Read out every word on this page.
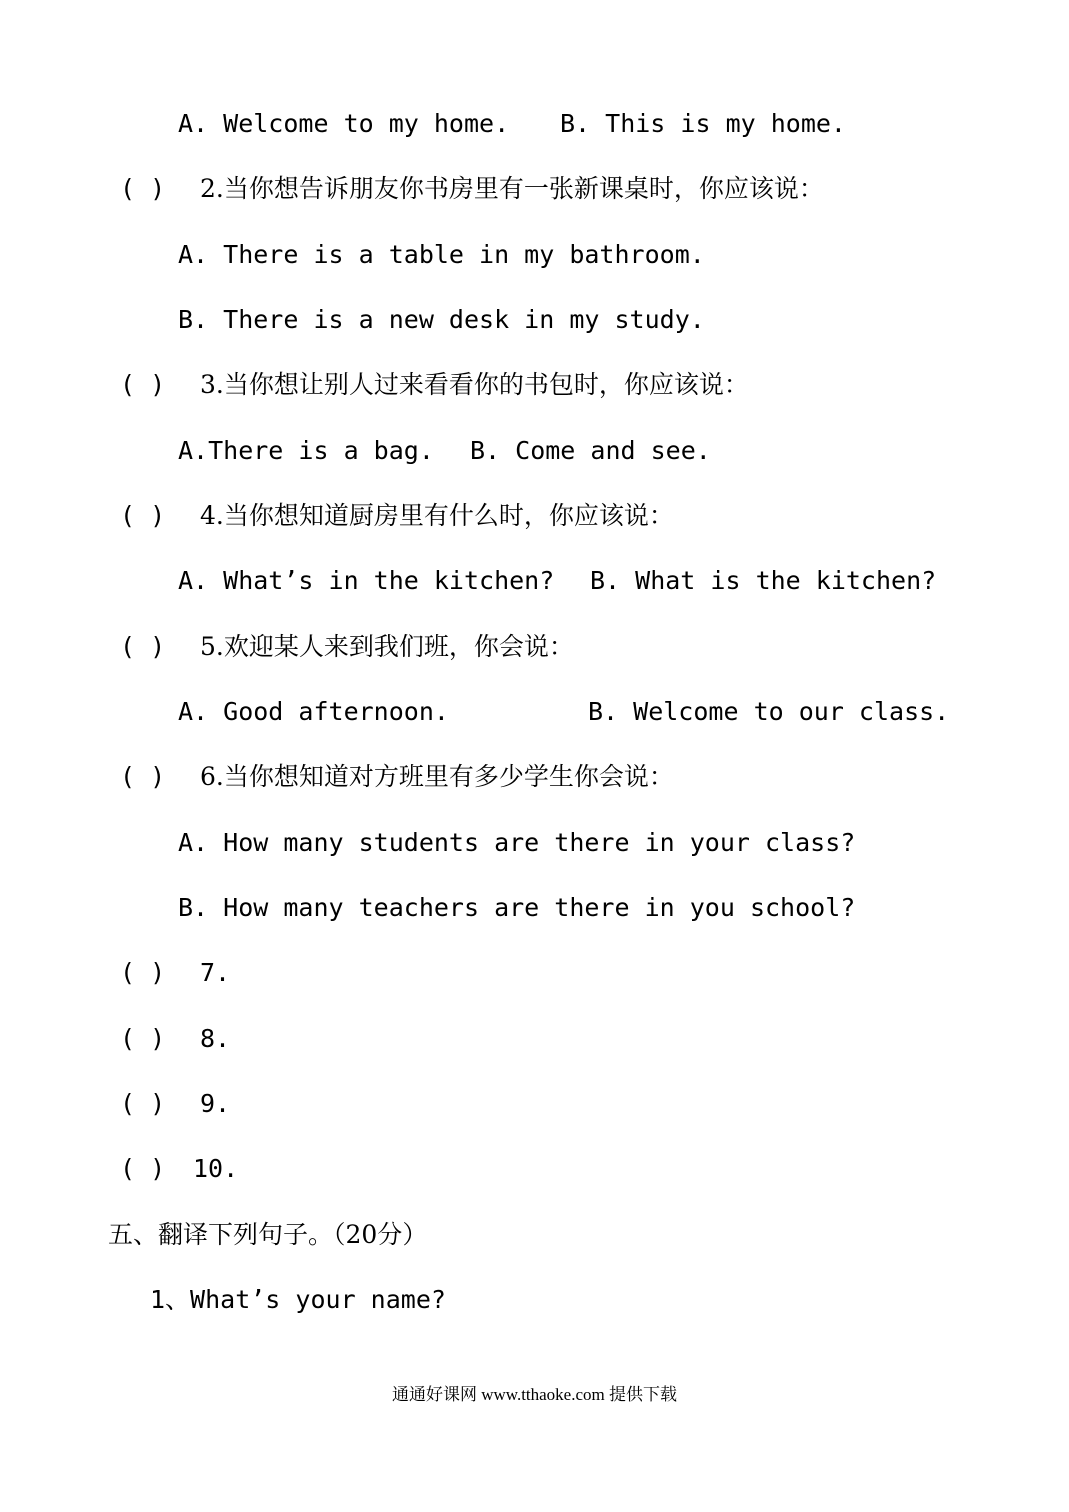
A. Welcome to my home. B. This is my home.
( ) 2.当你想告诉朋友你书房里有一张新课桌时，你应该说：
A. There is a table in my bathroom.
B. There is a new desk in my study.
( ) 3.当你想让别人过来看看你的书包时，你应该说：
A.There is a bag. B. Come and see.
( ) 4.当你想知道厨房里有什么时，你应该说：
A. What’s in the kitchen? B. What is the kitchen?
( ) 5.欢迎某人来到我们班，你会说：
A. Good afternoon.	B. Welcome to our class.
( ) 6.当你想知道对方班里有多少学生你会说：
A. How many students are there in your class?
B. How many teachers are there in you school?
( ) 7.
( ) 8.
( ) 9.
( ) 10.
五、翻译下列句子。（20分）
1、What’s your name?
通通好课网 www.tthaoke.com 提供下载
